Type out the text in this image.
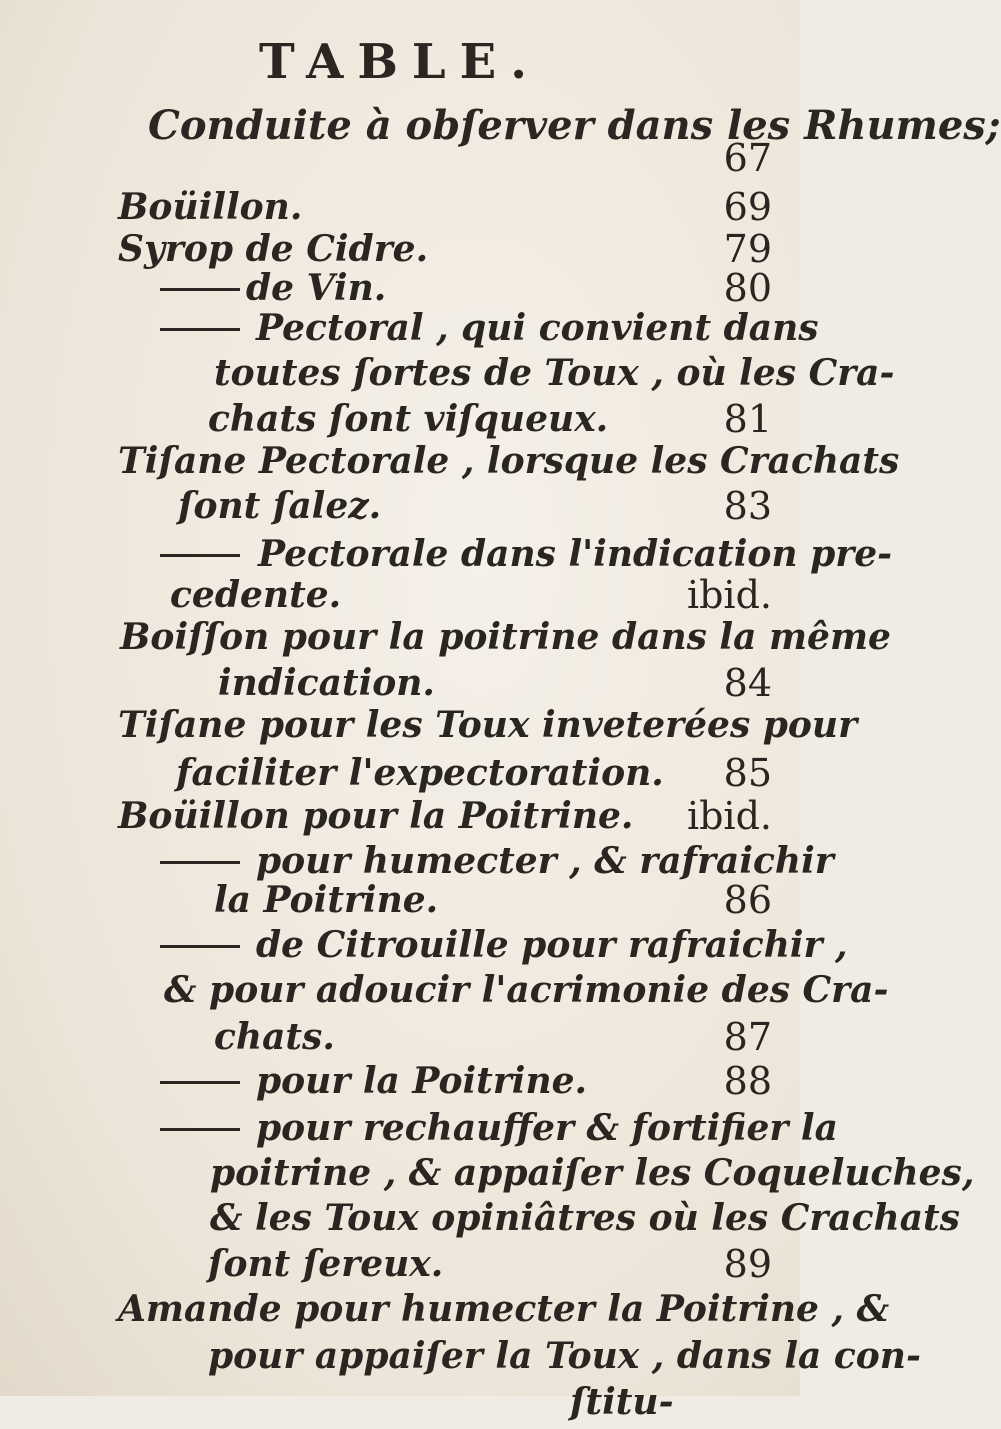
TABLE.
Conduite à obſerver dans les Rhumes;
67
Boüillon.	69
Syrop de Cidre.	79
de Vin.	80
Pectoral , qui convient dans
toutes ſortes de Toux , où les Cra-
chats ſont viſqueux.	81
Tiſane Pectorale , lorsque les Crachats
ſont ſalez.	83
Pectorale dans l'indication pre-
cedente.	ibid.
Boiſſon pour la poitrine dans la même
indication.	84
Tiſane pour les Toux inveterées pour
faciliter l'expectoration. 85
Boüillon pour la Poitrine. ibid.
pour humecter , & rafraichir
la Poitrine.	86
de Citrouille pour rafraichir ,
& pour adoucir l'acrimonie des Cra-
chats.	87
pour la Poitrine.	88
pour rechauffer & fortifier la
poitrine , & appaiſer les Coqueluches,
& les Toux opiniâtres où les Crachats
ſont ſereux.	89
Amande pour humecter la Poitrine , &
pour appaiſer la Toux , dans la con-
ſtitu-
